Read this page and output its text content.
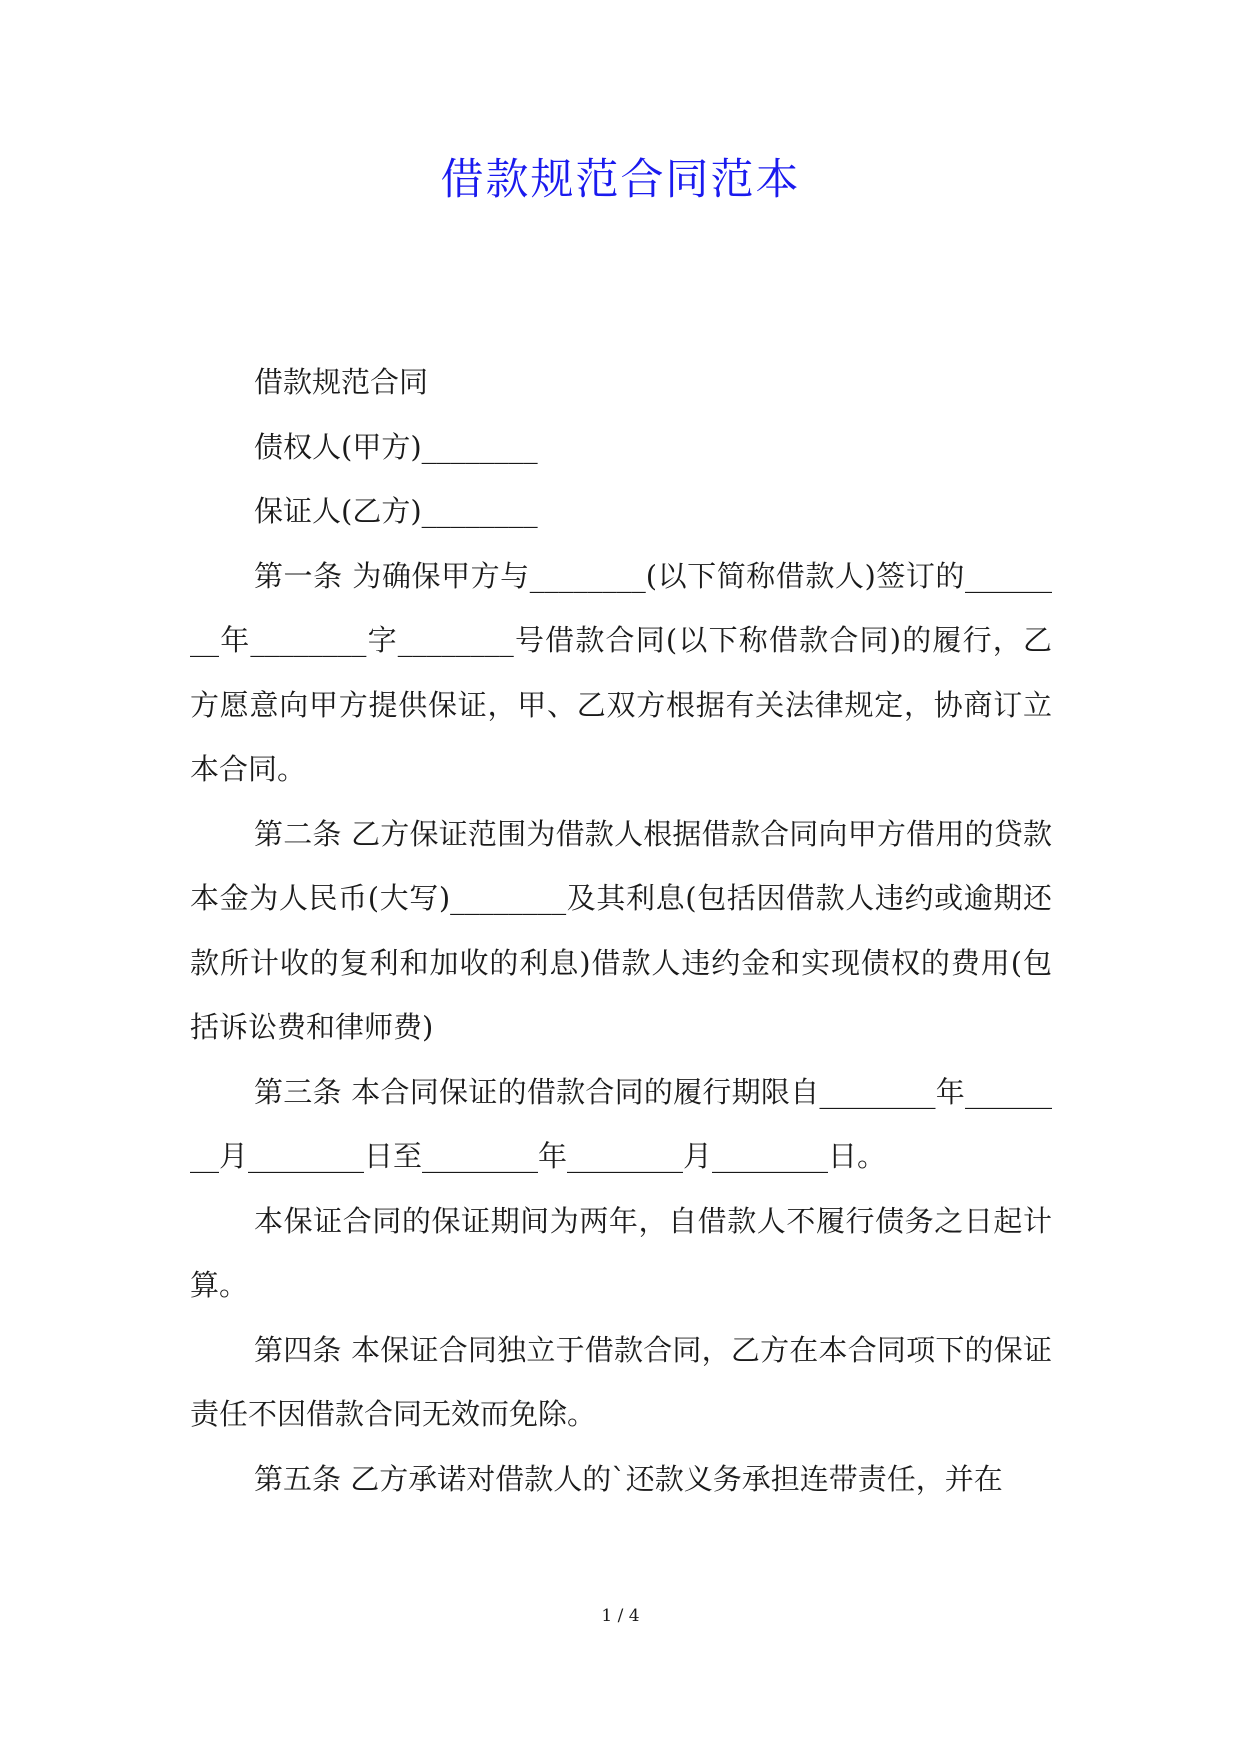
借款规范合同范本

借款规范合同

债权人(甲方)________

保证人(乙方)________

第一条 为确保甲方与________(以下简称借款人)签订的________年________字________号借款合同(以下称借款合同)的履行，乙方愿意向甲方提供保证，甲、乙双方根据有关法律规定，协商订立本合同。

第二条 乙方保证范围为借款人根据借款合同向甲方借用的贷款本金为人民币(大写)________及其利息(包括因借款人违约或逾期还款所计收的复利和加收的利息)借款人违约金和实现债权的费用(包括诉讼费和律师费)

第三条 本合同保证的借款合同的履行期限自________年________月________日至________年________月________日。

本保证合同的保证期间为两年，自借款人不履行债务之日起计算。

第四条 本保证合同独立于借款合同，乙方在本合同项下的保证责任不因借款合同无效而免除。

第五条 乙方承诺对借款人的`还款义务承担连带责任，并在

1 / 4
